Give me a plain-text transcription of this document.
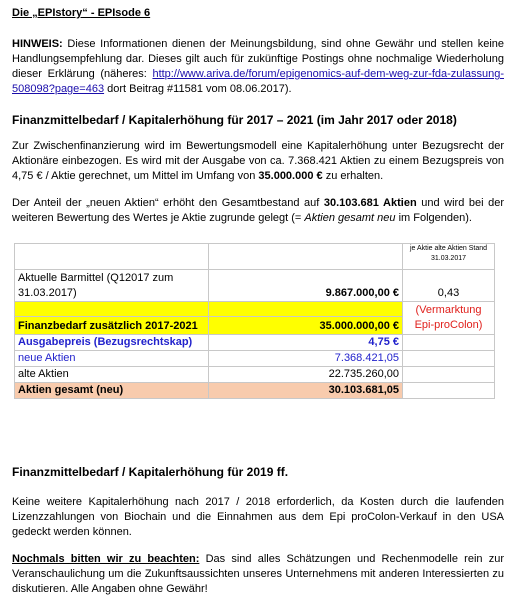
Die „EPIstory“ - EPIsode 6
HINWEIS: Diese Informationen dienen der Meinungsbildung, sind ohne Gewähr und stellen keine Handlungsempfehlung dar. Dieses gilt auch für zukünftige Postings ohne nochmalige Wiederholung dieser Erklärung (näheres: http://www.ariva.de/forum/epigenomics-auf-dem-weg-zur-fda-zulassung-508098?page=463 dort Beitrag #11581 vom 08.06.2017).
Finanzmittelbedarf / Kapitalerhöhung für 2017 – 2021 (im Jahr 2017 oder 2018)
Zur Zwischenfinanzierung wird im Bewertungsmodell eine Kapitalerhöhung unter Bezugsrecht der Aktionäre einbezogen. Es wird mit der Ausgabe von ca. 7.368.421 Aktien zu einem Bezugspreis von 4,75 € / Aktie gerechnet, um Mittel im Umfang von 35.000.000 € zu erhalten.
Der Anteil der „neuen Aktien“ erhöht den Gesamtbestand auf 30.103.681 Aktien und wird bei der weiteren Bewertung des Wertes je Aktie zugrunde gelegt (= Aktien gesamt neu im Folgenden).
		je Aktie alte Aktien Stand 31.03.2017
Aktuelle Barmittel (Q12017 zum 31.03.2017)	9.867.000,00 €	0,43
		(Vermarktung Epi-proColon)
Finanzbedarf zusätzlich 2017-2021	35.000.000,00 €	
Ausgabepreis (Bezugsrechtskap)	4,75 €	
neue Aktien	7.368.421,05	
alte Aktien	22.735.260,00	
Aktien gesamt (neu)	30.103.681,05	
Finanzmittelbedarf / Kapitalerhöhung für 2019 ff.
Keine weitere Kapitalerhöhung nach 2017 / 2018 erforderlich, da Kosten durch die laufenden Lizenzzahlungen von Biochain und die Einnahmen aus dem Epi proColon-Verkauf in den USA gedeckt werden können.
Nochmals bitten wir zu beachten: Das sind alles Schätzungen und Rechenmodelle rein zur Veranschaulichung um die Zukunftsaussichten unseres Unternehmens mit anderen Interessierten zu diskutieren. Alle Angaben ohne Gewähr!
